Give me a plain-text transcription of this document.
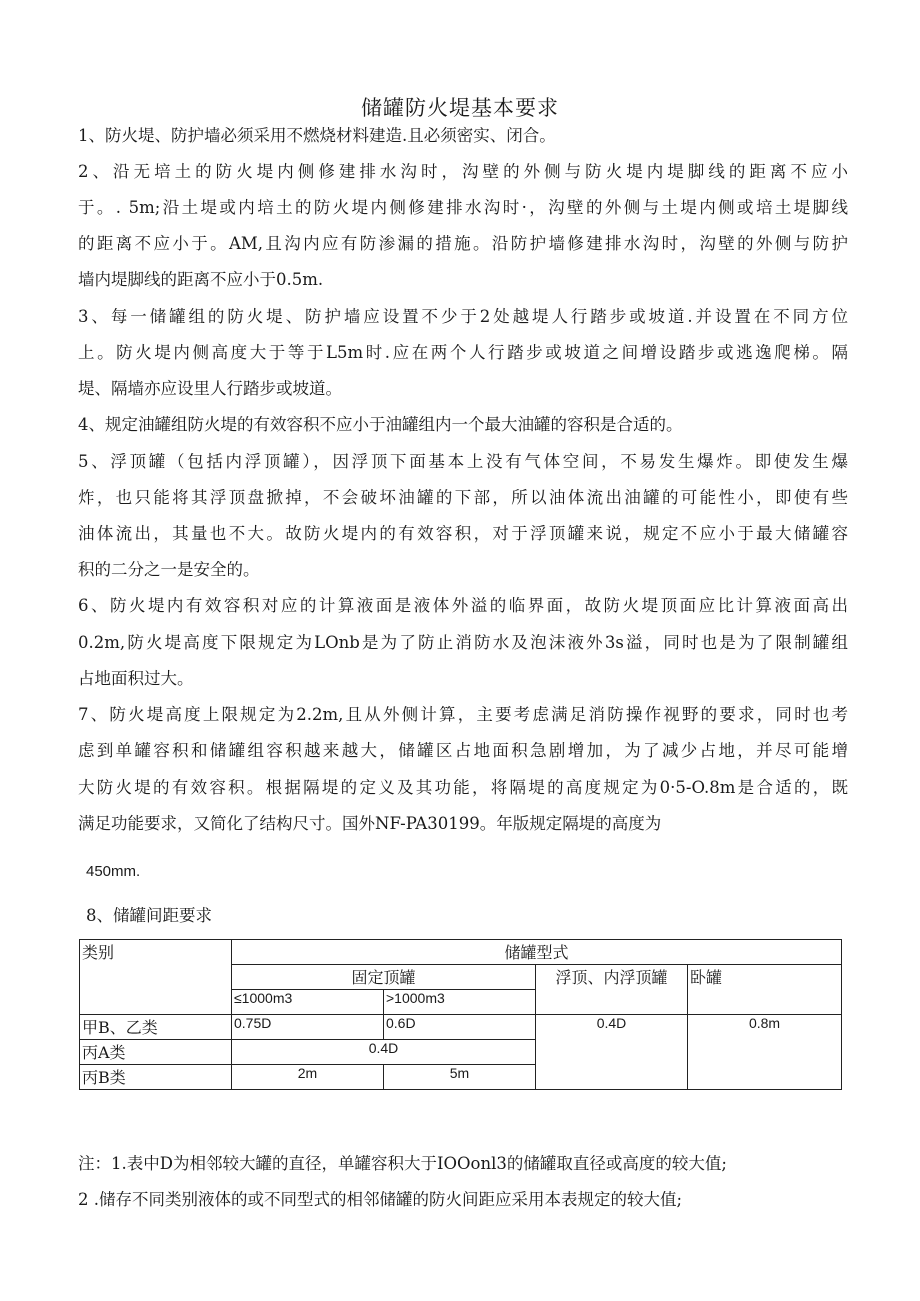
储罐防火堤基本要求
1、防火堤、防护墙必须采用不燃烧材料建造.且必须密实、闭合。
2、沿无培土的防火堤内侧修建排水沟时，沟壁的外侧与防火堤内堤脚线的距离不应小
于。. 5m;沿土堤或内培土的防火堤内侧修建排水沟时·，沟壁的外侧与土堤内侧或培土堤脚线
的距离不应小于。AM,且沟内应有防渗漏的措施。沿防护墙修建排水沟时，沟壁的外侧与防护
墙内堤脚线的距离不应小于0.5m.
3、每一储罐组的防火堤、防护墙应设置不少于2处越堤人行踏步或坡道.并设置在不同方位
上。防火堤内侧高度大于等于L5m时.应在两个人行踏步或坡道之间增设踏步或逃逸爬梯。隔
堤、隔墙亦应设里人行踏步或坡道。
4、规定油罐组防火堤的有效容积不应小于油罐组内一个最大油罐的容积是合适的。
5、浮顶罐（包括内浮顶罐），因浮顶下面基本上没有气体空间，不易发生爆炸。即使发生爆
炸，也只能将其浮顶盘掀掉，不会破坏油罐的下部，所以油体流出油罐的可能性小，即使有些
油体流出，其量也不大。故防火堤内的有效容积，对于浮顶罐来说，规定不应小于最大储罐容
积的二分之一是安全的。
6、防火堤内有效容积对应的计算液面是液体外溢的临界面，故防火堤顶面应比计算液面高出
0.2m,防火堤高度下限规定为LOnb是为了防止消防水及泡沫液外3s溢，同时也是为了限制罐组
占地面积过大。
7、防火堤高度上限规定为2.2m,且从外侧计算，主要考虑满足消防操作视野的要求，同时也考
虑到单罐容积和储罐组容积越来越大，储罐区占地面积急剧增加，为了减少占地，并尽可能增
大防火堤的有效容积。根据隔堤的定义及其功能，将隔堤的高度规定为0·5-O.8m是合适的，既
满足功能要求，又简化了结构尺寸。国外NF-PA30199。年版规定隔堤的高度为
450mm.
8、储罐间距要求
类别	储罐型式			
	固定顶罐		浮顶、内浮顶罐	卧罐
	≤1000m3	>1000m3		
甲B、乙类	0.75D	0.6D	0.4D	0.8m
丙A类	0.4D			
丙B类	2m	5m		
注：1.表中D为相邻较大罐的直径，单罐容积大于IOOonl3的储罐取直径或高度的较大值;
2 .储存不同类别液体的或不同型式的相邻储罐的防火间距应采用本表规定的较大值;
